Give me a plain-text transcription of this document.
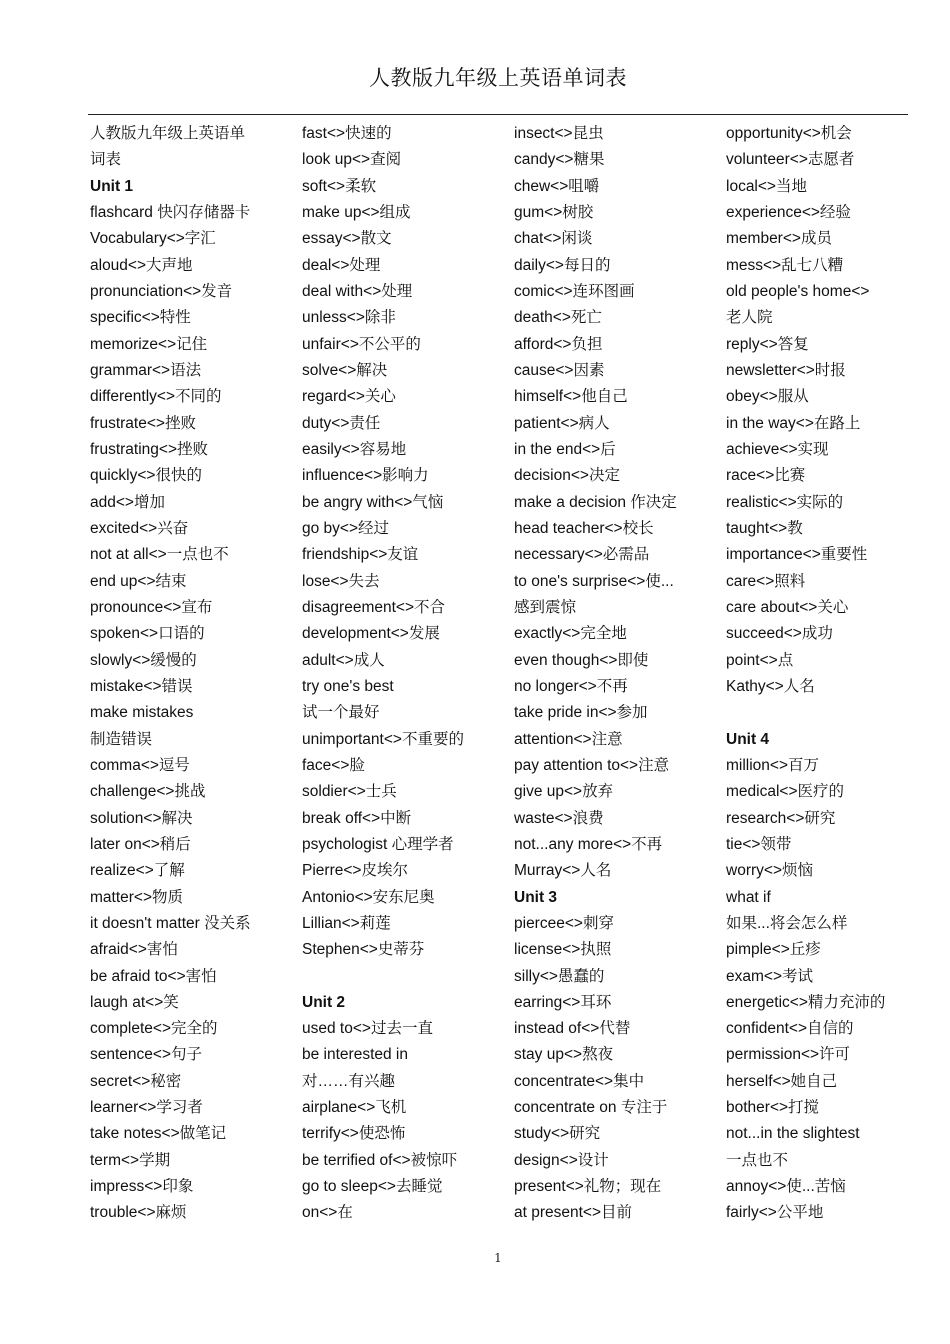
人教版九年级上英语单词表
人教版九年级上英语单
词表
Unit 1
flashcard 快闪存储器卡
Vocabulary<>字汇
aloud<>大声地
pronunciation<>发音
specific<>特性
memorize<>记住
grammar<>语法
differently<>不同的
frustrate<>挫败
frustrating<>挫败
quickly<>很快的
add<>增加
excited<>兴奋
not at all<>一点也不
end up<>结束
pronounce<>宣布
spoken<>口语的
slowly<>缓慢的
mistake<>错误
make mistakes
制造错误
comma<>逗号
challenge<>挑战
solution<>解决
later on<>稍后
realize<>了解
matter<>物质
it doesn't matter 没关系
afraid<>害怕
be afraid to<>害怕
laugh at<>笑
complete<>完全的
sentence<>句子
secret<>秘密
learner<>学习者
take notes<>做笔记
term<>学期
impress<>印象
trouble<>麻烦
fast<>快速的
look up<>查阅
soft<>柔软
make up<>组成
essay<>散文
deal<>处理
deal with<>处理
unless<>除非
unfair<>不公平的
solve<>解决
regard<>关心
duty<>责任
easily<>容易地
influence<>影响力
be angry with<>气恼
go by<>经过
friendship<>友谊
lose<>失去
disagreement<>不合
development<>发展
adult<>成人
try one's best
试一个最好
unimportant<>不重要的
face<>脸
soldier<>士兵
break off<>中断
psychologist 心理学者
Pierre<>皮埃尔
Antonio<>安东尼奥
Lillian<>莉莲
Stephen<>史蒂芬
Unit 2
used to<>过去一直
be interested in
对……有兴趣
airplane<>飞机
terrify<>使恐怖
be terrified of<>被惊吓
go to sleep<>去睡觉
on<>在
insect<>昆虫
candy<>糖果
chew<>咀嚼
gum<>树胶
chat<>闲谈
daily<>每日的
comic<>连环图画
death<>死亡
afford<>负担
cause<>因素
himself<>他自己
patient<>病人
in the end<>后
decision<>决定
make a decision 作决定
head teacher<>校长
necessary<>必需品
to one's surprise<>使...
感到震惊
exactly<>完全地
even though<>即使
no longer<>不再
take pride in<>参加
attention<>注意
pay attention to<>注意
give up<>放弃
waste<>浪费
not...any more<>不再
Murray<>人名
Unit 3
piercee<>刺穿
license<>执照
silly<>愚蠢的
earring<>耳环
instead of<>代替
stay up<>熬夜
concentrate<>集中
concentrate on 专注于
study<>研究
design<>设计
present<>礼物；现在
at present<>目前
opportunity<>机会
volunteer<>志愿者
local<>当地
experience<>经验
member<>成员
mess<>乱七八糟
old people's home<>
老人院
reply<>答复
newsletter<>时报
obey<>服从
in the way<>在路上
achieve<>实现
race<>比赛
realistic<>实际的
taught<>教
importance<>重要性
care<>照料
care about<>关心
succeed<>成功
point<>点
Kathy<>人名
Unit 4
million<>百万
medical<>医疗的
research<>研究
tie<>领带
worry<>烦恼
what if
如果...将会怎么样
pimple<>丘疹
exam<>考试
energetic<>精力充沛的
confident<>自信的
permission<>许可
herself<>她自己
bother<>打搅
not...in the slightest
一点也不
annoy<>使...苦恼
fairly<>公平地
1
